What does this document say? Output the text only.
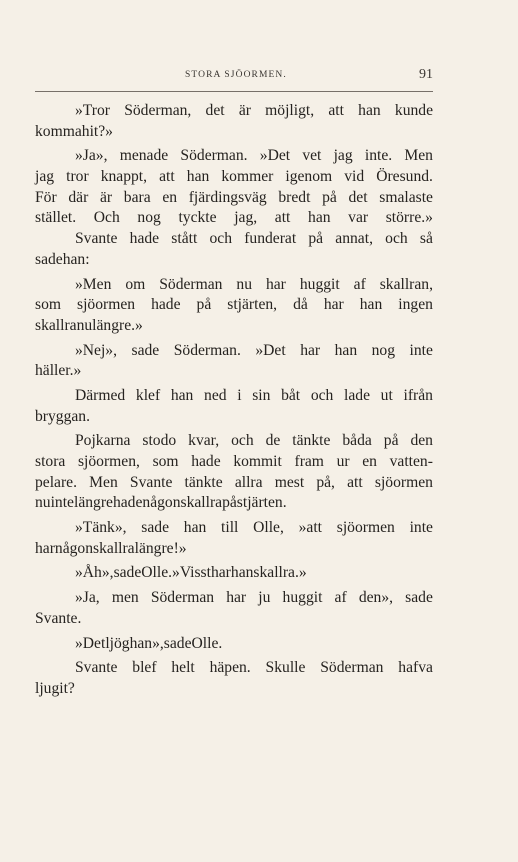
STORA SJÖORMEN.	91
»Tror Söderman, det är möjligt, att han kunde
komma hit?»
»Ja», menade Söderman. »Det vet jag inte. Men
jag tror knappt, att han kommer igenom vid Öresund.
För där är bara en fjärdingsväg bredt på det smalaste
stället. Och nog tyckte jag, att han var större.»
Svante hade stått och funderat på annat, och så
sade han:
»Men om Söderman nu har huggit af skallran,
som sjöormen hade på stjärten, då har han ingen
skallra nu längre.»
»Nej», sade Söderman. »Det har han nog inte
häller.»
Därmed klef han ned i sin båt och lade ut ifrån
bryggan.
Pojkarna stodo kvar, och de tänkte båda på den
stora sjöormen, som hade kommit fram ur en vatten-
pelare. Men Svante tänkte allra mest på, att sjöormen
nu inte längre hade någon skallra på stjärten.
»Tänk», sade han till Olle, »att sjöormen inte
har någon skallra längre!»
»Åh», sade Olle. »Visst har han skallra.»
»Ja, men Söderman har ju huggit af den», sade
Svante.
»Det ljög han», sade Olle.
Svante blef helt häpen. Skulle Söderman hafva
ljugit?
